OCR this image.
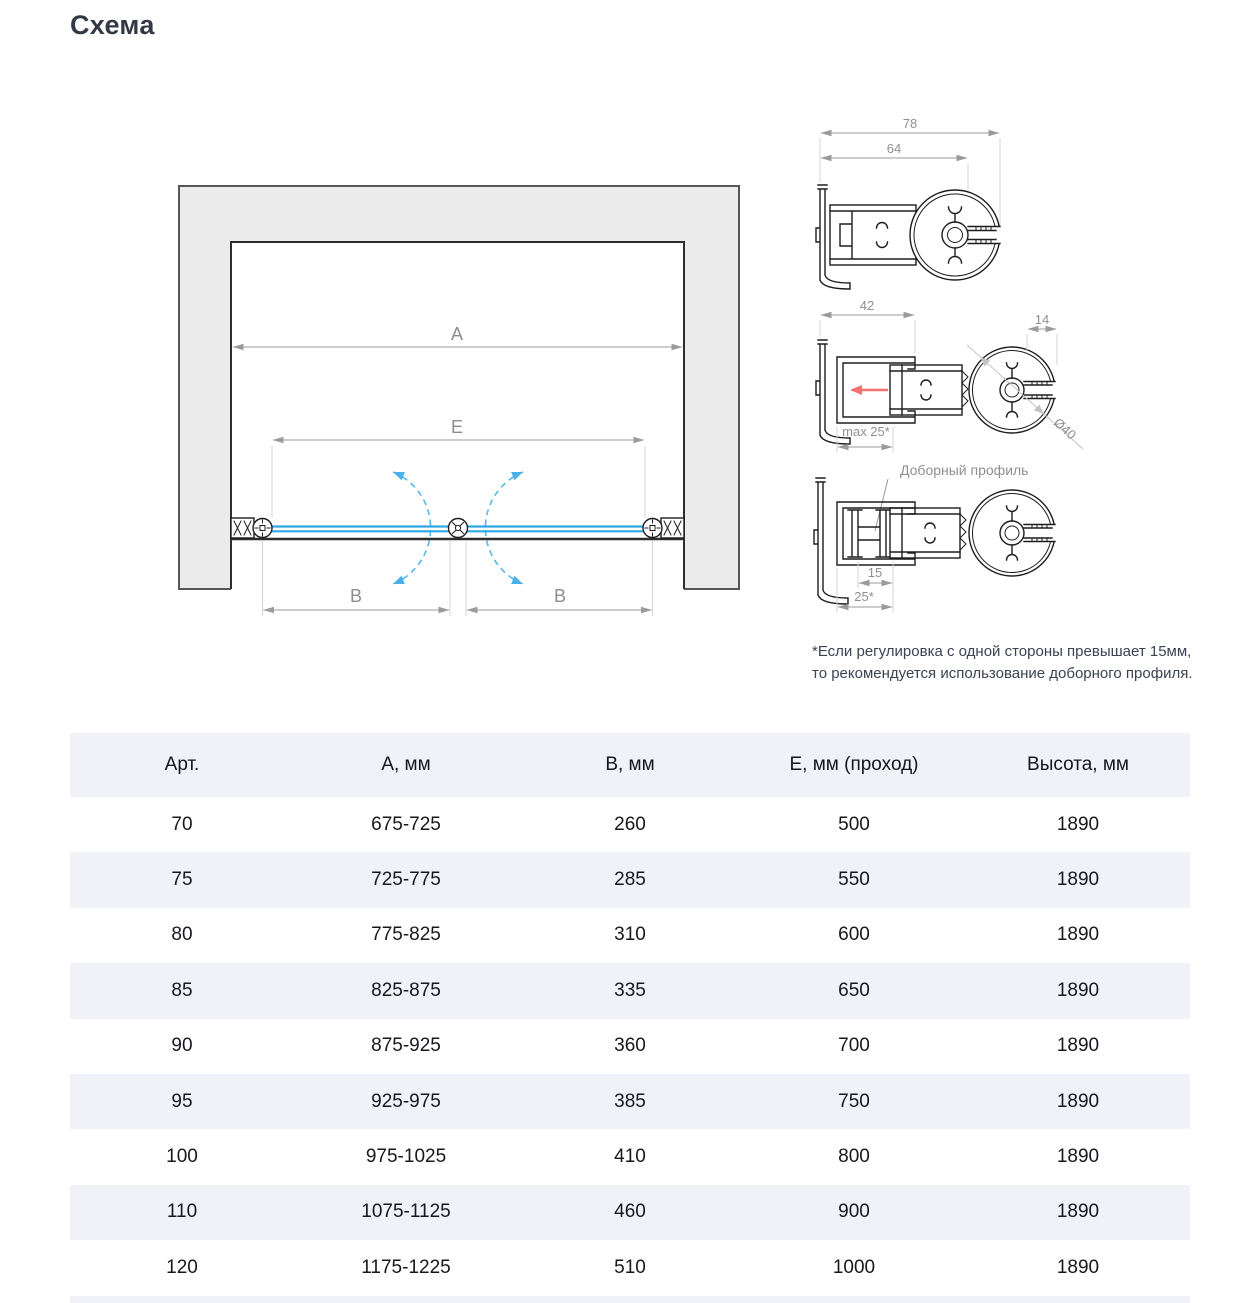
Схема
A
E
B	B
78
64
42
14
max 25*	Ø40
Доборный профиль
15
25*
*Если регулировка с одной стороны превышает 15мм,
то рекомендуется использование доборного профиля.
Арт.	А, мм	В, мм	Е, мм (проход)	Высота, мм
70	675-725	260	500	1890
75	725-775	285	550	1890
80	775-825	310	600	1890
85	825-875	335	650	1890
90	875-925	360	700	1890
95	925-975	385	750	1890
100	975-1025	410	800	1890
110	1075-1125	460	900	1890
120	1175-1225	510	1000	1890
